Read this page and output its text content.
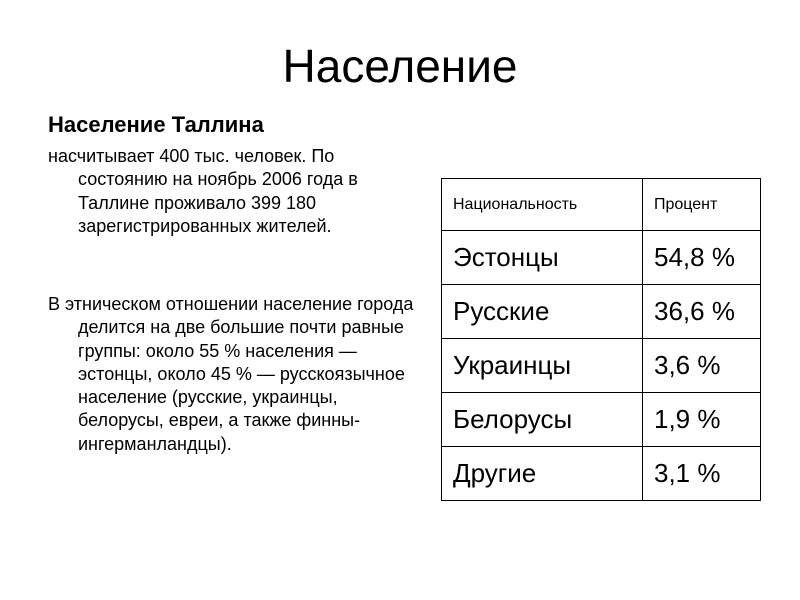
Население
Население Таллина
насчитывает 400 тыс. человек. По состоянию на ноябрь 2006 года в Таллине проживало 399 180 зарегистрированных жителей.
В этническом отношении население города делится на две большие почти равные группы: около 55 % населения — эстонцы, около 45 % — русскоязычное население (русские, украинцы, белорусы, евреи, а также финны-ингерманландцы).
Национальность	Процент
Эстонцы	54,8 %
Русские	36,6 %
Украинцы	3,6 %
Белорусы	1,9 %
Другие	3,1 %
